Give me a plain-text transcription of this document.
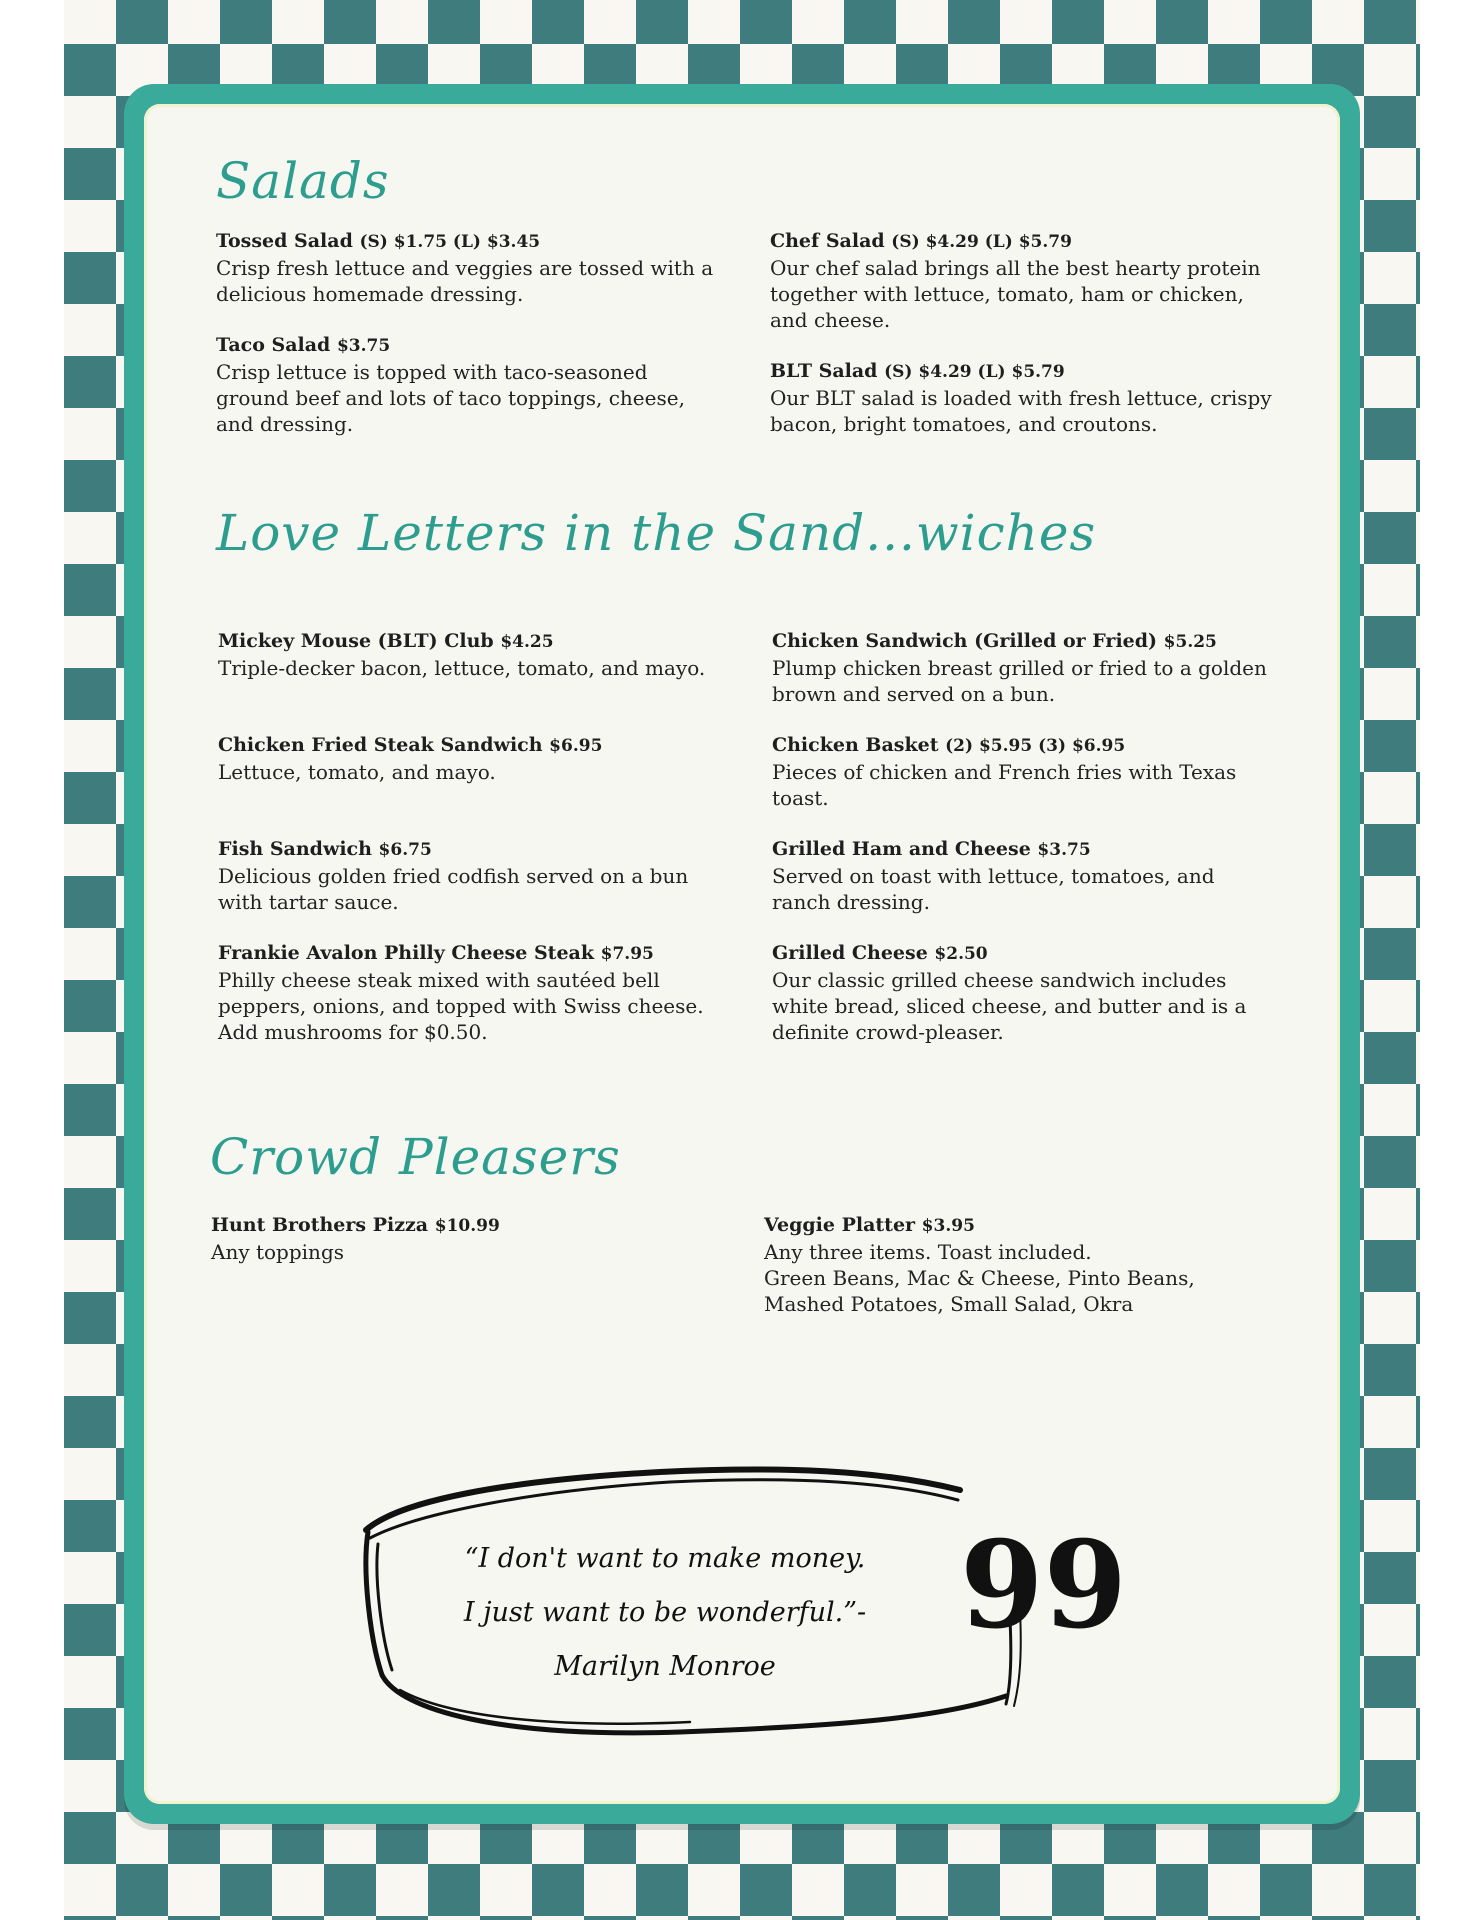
Salads
Tossed Salad (S) $1.75 (L) $3.45
Crisp fresh lettuce and veggies are tossed with a
delicious homemade dressing.
Taco Salad $3.75
Crisp lettuce is topped with taco-seasoned
ground beef and lots of taco toppings, cheese,
and dressing.
Chef Salad (S) $4.29 (L) $5.79
Our chef salad brings all the best hearty protein
together with lettuce, tomato, ham or chicken,
and cheese.
BLT Salad (S) $4.29 (L) $5.79
Our BLT salad is loaded with fresh lettuce, crispy
bacon, bright tomatoes, and croutons.
Love Letters in the Sand...wiches
Mickey Mouse (BLT) Club $4.25
Triple-decker bacon, lettuce, tomato, and mayo.
Chicken Fried Steak Sandwich $6.95
Lettuce, tomato, and mayo.
Fish Sandwich $6.75
Delicious golden fried codfish served on a bun
with tartar sauce.
Frankie Avalon Philly Cheese Steak $7.95
Philly cheese steak mixed with sautéed bell
peppers, onions, and topped with Swiss cheese.
Add mushrooms for $0.50.
Chicken Sandwich (Grilled or Fried) $5.25
Plump chicken breast grilled or fried to a golden
brown and served on a bun.
Chicken Basket (2) $5.95 (3) $6.95
Pieces of chicken and French fries with Texas
toast.
Grilled Ham and Cheese $3.75
Served on toast with lettuce, tomatoes, and
ranch dressing.
Grilled Cheese $2.50
Our classic grilled cheese sandwich includes
white bread, sliced cheese, and butter and is a
definite crowd-pleaser.
Crowd Pleasers
Hunt Brothers Pizza $10.99
Any toppings
Veggie Platter $3.95
Any three items. Toast included.
Green Beans, Mac & Cheese, Pinto Beans,
Mashed Potatoes, Small Salad, Okra
“I don't want to make money.
I just want to be wonderful.”-
Marilyn Monroe
99
